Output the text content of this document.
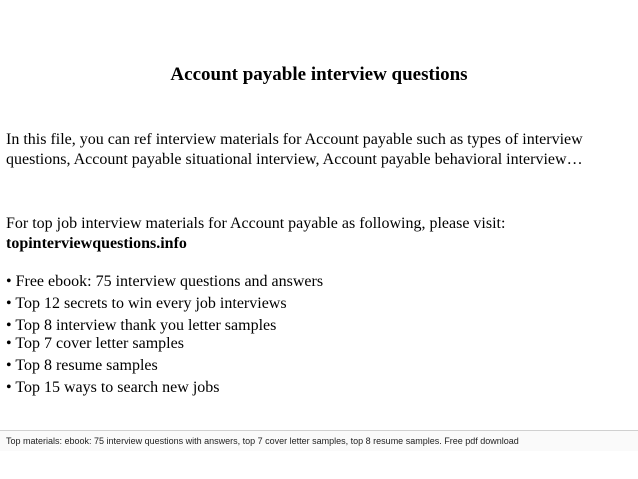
Account payable interview questions

In this file, you can ref interview materials for Account payable such as types of interview questions, Account payable situational interview, Account payable behavioral interview…

For top job interview materials for Account payable as following, please visit:
topinterviewquestions.info

• Free ebook: 75 interview questions and answers
• Top 12 secrets to win every job interviews
• Top 8 interview thank you letter samples
• Top 7 cover letter samples
• Top 8 resume samples
• Top 15 ways to search new jobs
Top materials: ebook: 75 interview questions with answers, top 7 cover letter samples, top 8 resume samples. Free pdf download
